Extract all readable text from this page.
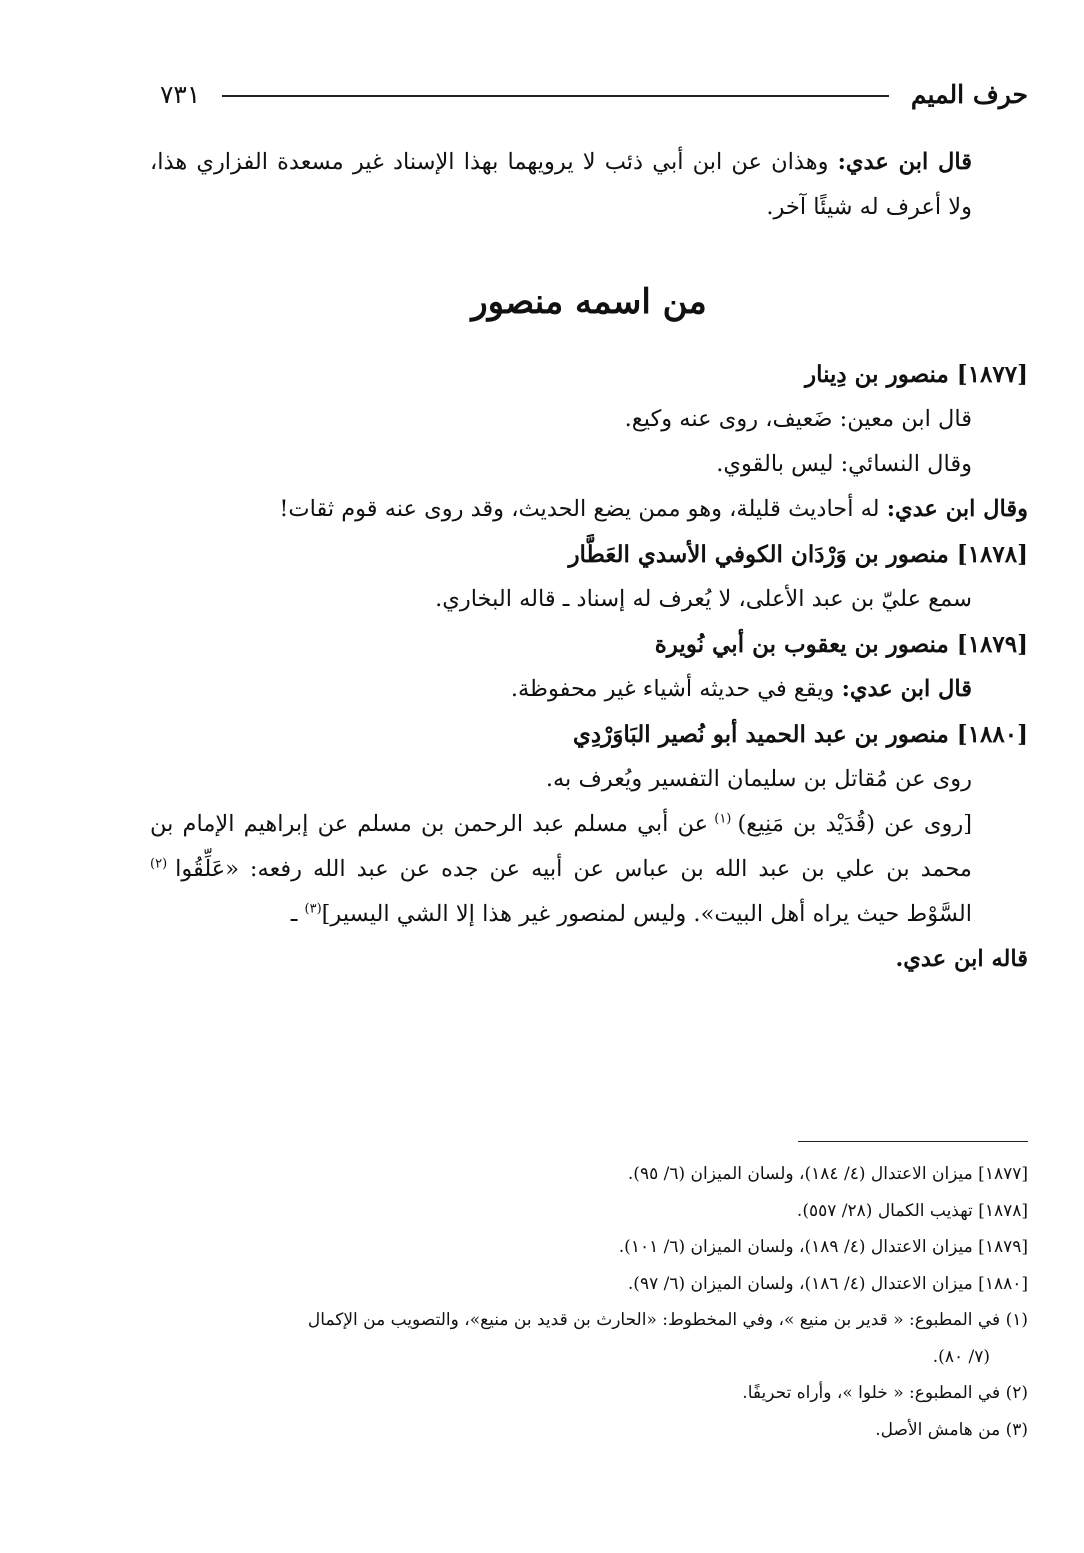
حرف الميم
٧٣١

قال ابن عدي: وهذان عن ابن أبي ذئب لا يرويهما بهذا الإسناد غير مسعدة الفزاري هذا، ولا أعرف له شيئًا آخر.

من اسمه منصور

[١٨٧٧] منصور بن دِينار

قال ابن معين: ضَعيف، روى عنه وكيع.

وقال النسائي: ليس بالقوي.

وقال ابن عدي: له أحاديث قليلة، وهو ممن يضع الحديث، وقد روى عنه قوم ثقات!

[١٨٧٨] منصور بن وَرْدَان الكوفي الأسدي العَطَّار

سمع عليّ بن عبد الأعلى، لا يُعرف له إسناد ـ قاله البخاري.

[١٨٧٩] منصور بن يعقوب بن أبي نُويرة

قال ابن عدي: ويقع في حديثه أشياء غير محفوظة.

[١٨٨٠] منصور بن عبد الحميد أبو نُصير البَاوَرْدِي

روى عن مُقاتل بن سليمان التفسير ويُعرف به.

[روى عن (قُدَيْد بن مَنِيع) $^{(١)}$ عن أبي مسلم عبد الرحمن بن مسلم عن إبراهيم الإمام بن محمد بن علي بن عبد الله بن عباس عن أبيه عن جده عن عبد الله رفعه: «عَلِّقُوا $^{(٢)}$ السَّوْط حيث يراه أهل البيت». وليس لمنصور غير هذا إلا الشي اليسير]$^{(٣)}$ ـ

قاله ابن عدي.

[١٨٧٧] ميزان الاعتدال (٤/ ١٨٤)، ولسان الميزان (٦/ ٩٥).

[١٨٧٨] تهذيب الكمال (٢٨/ ٥٥٧).

[١٨٧٩] ميزان الاعتدال (٤/ ١٨٩)، ولسان الميزان (٦/ ١٠١).

[١٨٨٠] ميزان الاعتدال (٤/ ١٨٦)، ولسان الميزان (٦/ ٩٧).

(١) في المطبوع: « قدير بن منيع »، وفي المخطوط: «الحارث بن قديد بن منيع»، والتصويب من الإكمال

(٧/ ٨٠).

(٢) في المطبوع: « خلوا »، وأراه تحريفًا.

(٣) من هامش الأصل.
